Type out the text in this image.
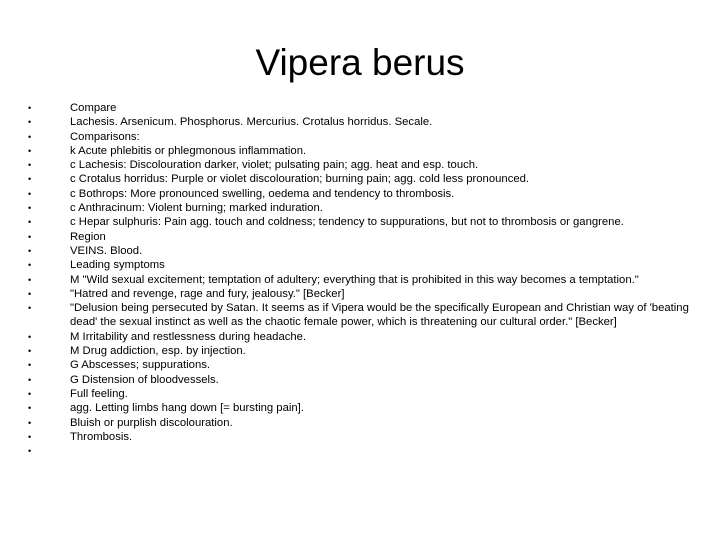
Vipera berus
•	Compare
•	Lachesis. Arsenicum. Phosphorus. Mercurius. Crotalus horridus. Secale.
•	Comparisons:
•	k Acute phlebitis or phlegmonous inflammation.
•	c Lachesis: Discolouration darker, violet; pulsating pain; agg. heat and esp. touch.
•	c Crotalus horridus: Purple or violet discolouration; burning pain; agg. cold less pronounced.
•	c Bothrops: More pronounced swelling, oedema and tendency to thrombosis.
•	c Anthracinum: Violent burning; marked induration.
•	c Hepar sulphuris: Pain agg. touch and coldness; tendency to suppurations, but not to thrombosis or gangrene.
•	Region
•	VEINS. Blood.
•	Leading symptoms
•	M "Wild sexual excitement; temptation of adultery; everything that is prohibited in this way becomes a temptation."
•	"Hatred and revenge, rage and fury, jealousy." [Becker]
•	"Delusion being persecuted by Satan. It seems as if Vipera would be the specifically European and Christian way of 'beating dead' the sexual instinct as well as the chaotic female power, which is threatening our cultural order." [Becker]
•	M Irritability and restlessness during headache.
•	M Drug addiction, esp. by injection.
•	G Abscesses; suppurations.
•	G Distension of bloodvessels.
•	Full feeling.
•	agg. Letting limbs hang down [= bursting pain].
•	Bluish or purplish discolouration.
•	Thrombosis.
•
